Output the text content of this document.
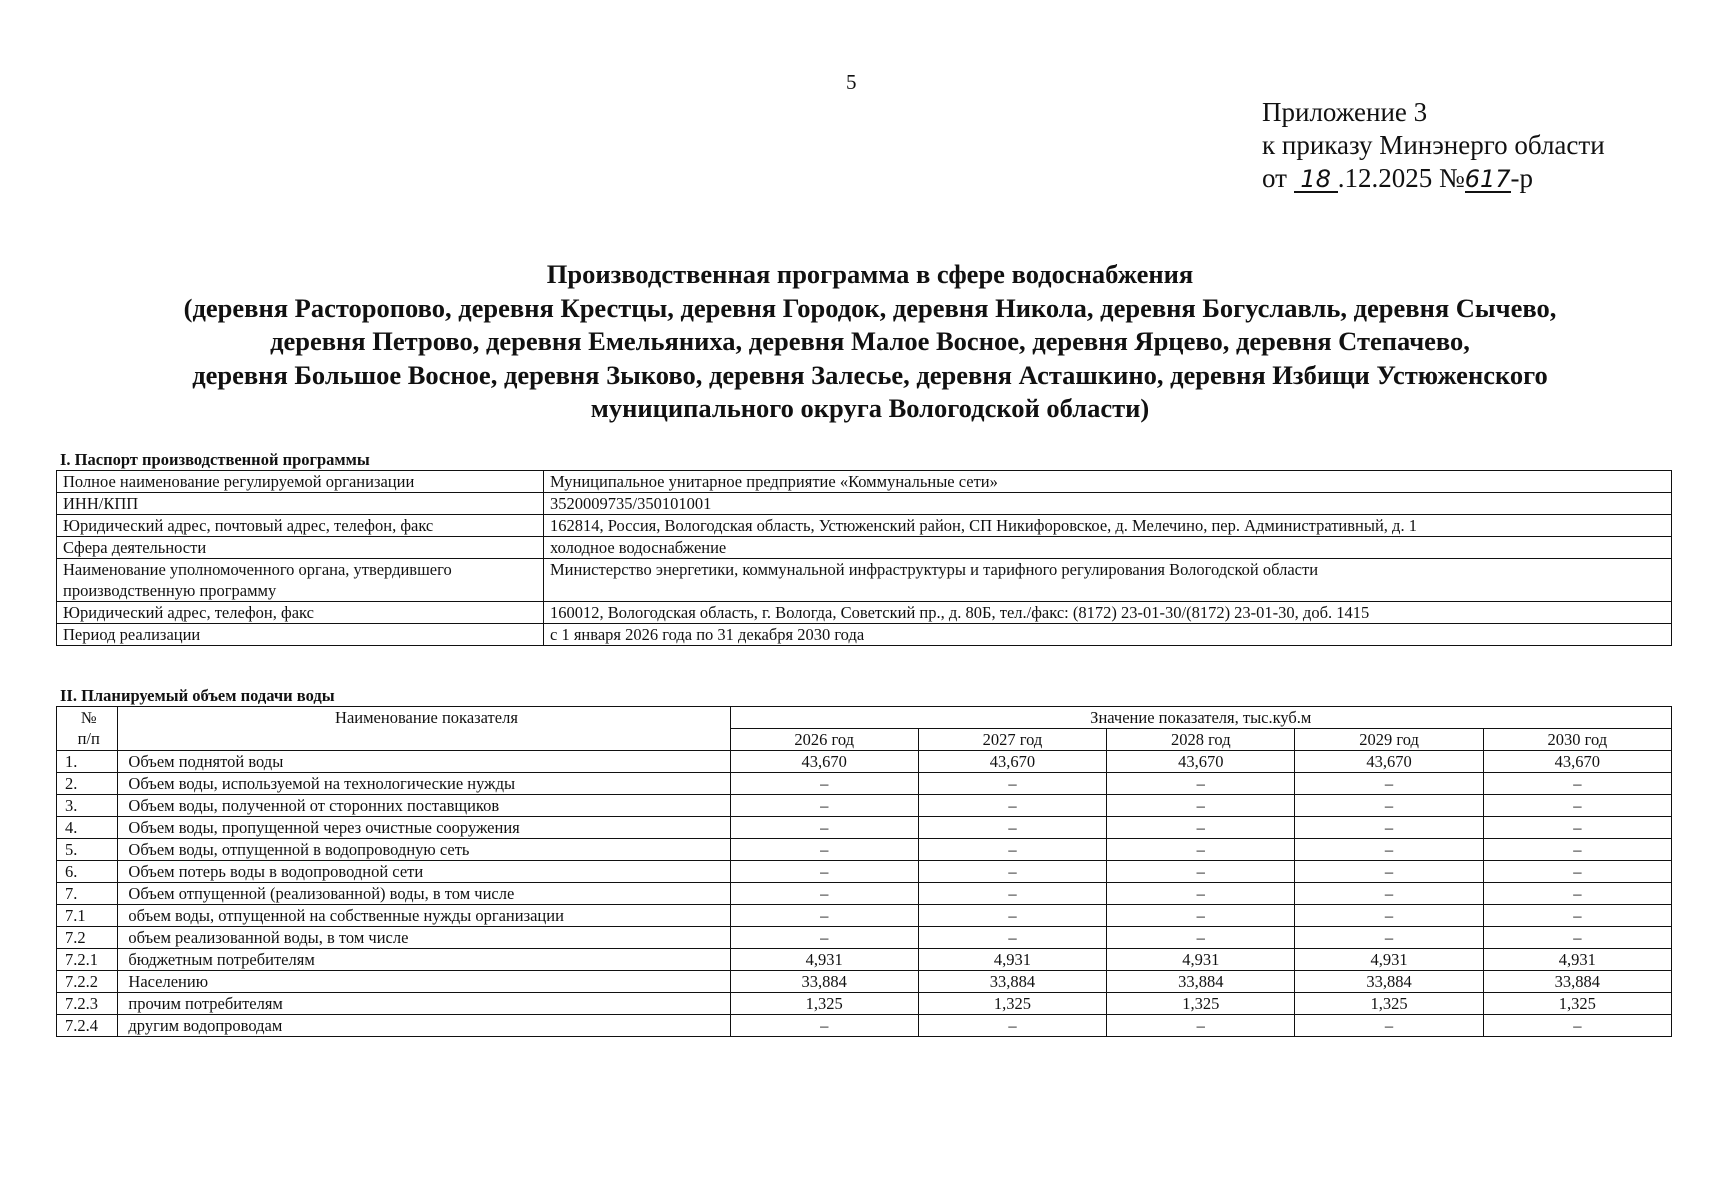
5
Приложение 3
к приказу Минэнерго области
от 18 .12.2025 №617-р
Производственная программа в сфере водоснабжения
(деревня Расторопово, деревня Крестцы, деревня Городок, деревня Никола, деревня Богуславль, деревня Сычево,
деревня Петрово, деревня Емельяниха, деревня Малое Восное, деревня Ярцево, деревня Степачево,
деревня Большое Восное, деревня Зыково, деревня Залесье, деревня Асташкино, деревня Избищи Устюженского
муниципального округа Вологодской области)
I. Паспорт производственной программы
Полное наименование регулируемой организации	Муниципальное унитарное предприятие «Коммунальные сети»
ИНН/КПП	3520009735/350101001
Юридический адрес, почтовый адрес, телефон, факс	162814, Россия, Вологодская область, Устюженский район, СП Никифоровское, д. Мелечино, пер. Административный, д. 1
Сфера деятельности	холодное водоснабжение
Наименование уполномоченного органа, утвердившего производственную программу	Министерство энергетики, коммунальной инфраструктуры и тарифного регулирования Вологодской области
Юридический адрес, телефон, факс	160012, Вологодская область, г. Вологда, Советский пр., д. 80Б, тел./факс: (8172) 23-01-30/(8172) 23-01-30, доб. 1415
Период реализации	с 1 января 2026 года по 31 декабря 2030 года
II. Планируемый объем подачи воды
№
п/п	Наименование показателя	Значение показателя, тыс.куб.м				
		2026 год	2027 год	2028 год	2029 год	2030 год
1.	Объем поднятой воды	43,670	43,670	43,670	43,670	43,670
2.	Объем воды, используемой на технологические нужды	–	–	–	–	–
3.	Объем воды, полученной от сторонних поставщиков	–	–	–	–	–
4.	Объем воды, пропущенной через очистные сооружения	–	–	–	–	–
5.	Объем воды, отпущенной в водопроводную сеть	–	–	–	–	–
6.	Объем потерь воды в водопроводной сети	–	–	–	–	–
7.	Объем отпущенной (реализованной) воды, в том числе	–	–	–	–	–
7.1	объем воды, отпущенной на собственные нужды организации	–	–	–	–	–
7.2	объем реализованной воды, в том числе	–	–	–	–	–
7.2.1	бюджетным потребителям	4,931	4,931	4,931	4,931	4,931
7.2.2	Населению	33,884	33,884	33,884	33,884	33,884
7.2.3	прочим потребителям	1,325	1,325	1,325	1,325	1,325
7.2.4	другим водопроводам	–	–	–	–	–
